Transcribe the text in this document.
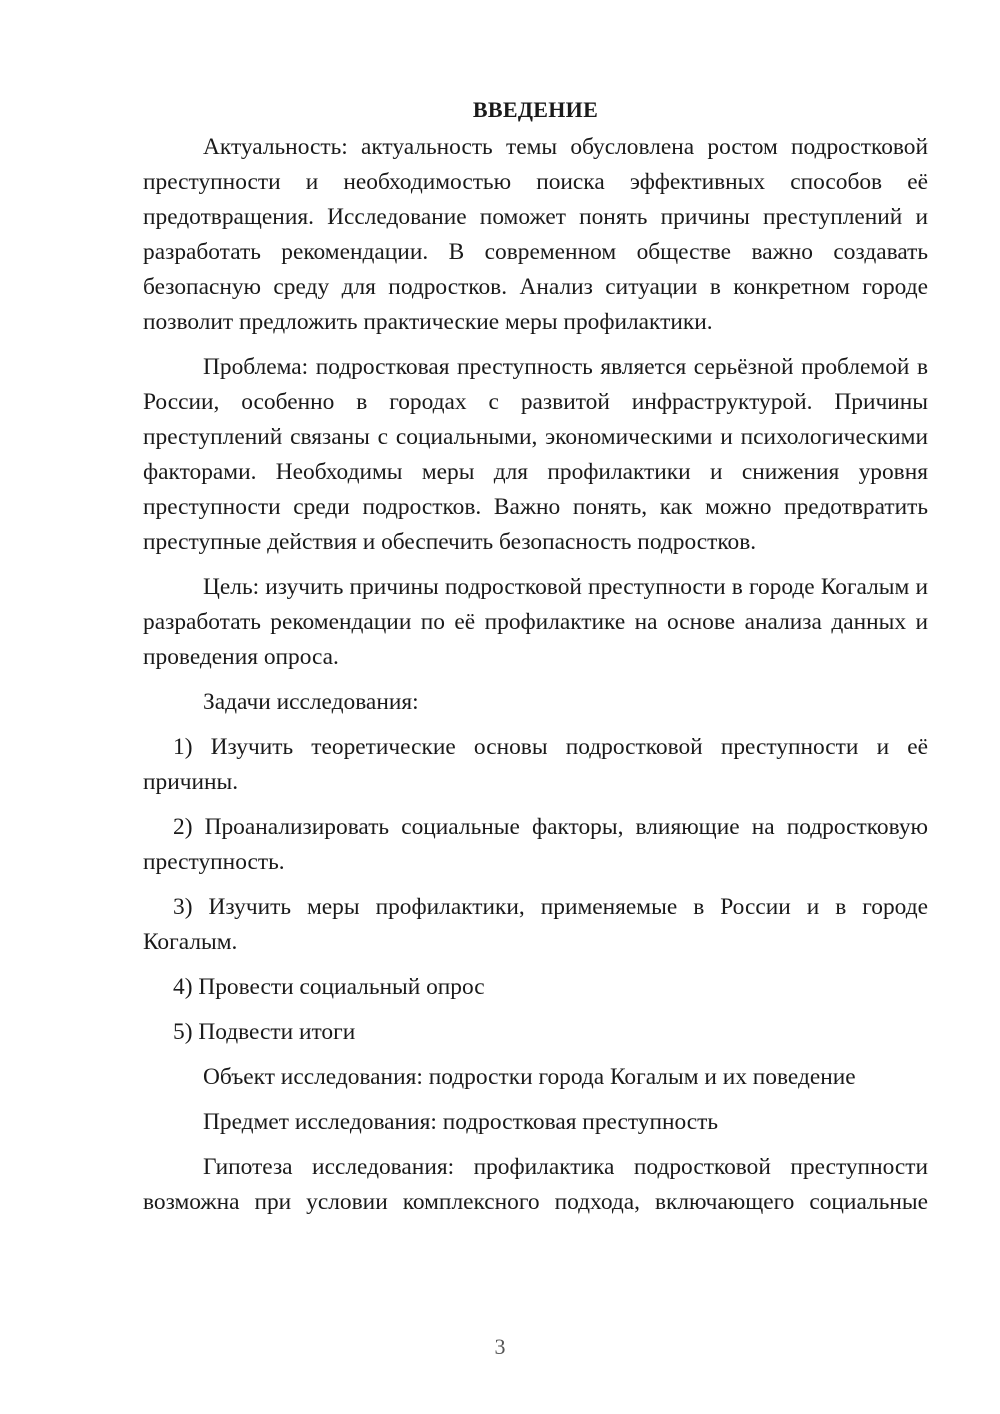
ВВЕДЕНИЕ

Актуальность: актуальность темы обусловлена ростом подростковой преступности и необходимостью поиска эффективных способов её предотвращения. Исследование поможет понять причины преступлений и разработать рекомендации. В современном обществе важно создавать безопасную среду для подростков. Анализ ситуации в конкретном городе позволит предложить практические меры профилактики.

Проблема: подростковая преступность является серьёзной проблемой в России, особенно в городах с развитой инфраструктурой. Причины преступлений связаны с социальными, экономическими и психологическими факторами. Необходимы меры для профилактики и снижения уровня преступности среди подростков. Важно понять, как можно предотвратить преступные действия и обеспечить безопасность подростков.

Цель: изучить причины подростковой преступности в городе Когалым и разработать рекомендации по её профилактике на основе анализа данных и проведения опроса.

Задачи исследования:

1) Изучить теоретические основы подростковой преступности и её причины.

2) Проанализировать социальные факторы, влияющие на подростковую преступность.

3) Изучить меры профилактики, применяемые в России и в городе Когалым.

4) Провести социальный опрос

5) Подвести итоги

Объект исследования: подростки города Когалым и их поведение

Предмет исследования: подростковая преступность

Гипотеза исследования: профилактика подростковой преступности возможна при условии комплексного подхода, включающего социальные

3
